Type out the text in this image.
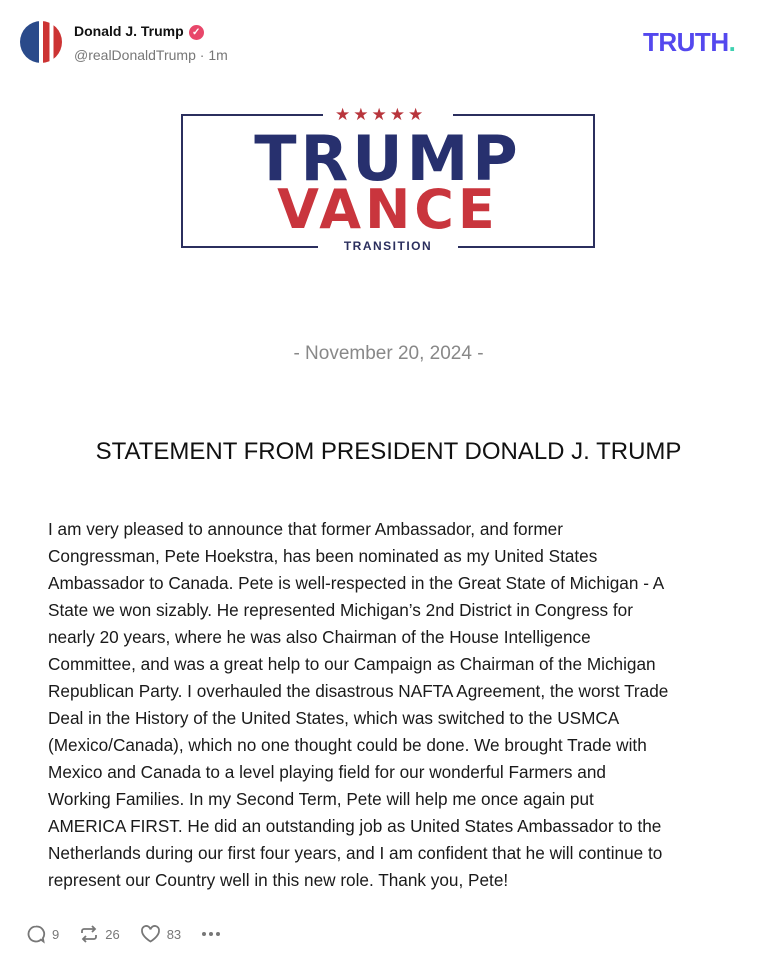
Donald J. Trump ✓
@realDonaldTrump · 1m	TRUTH.
★★★★★
TRUMP
VANCE
TRANSITION
- November 20, 2024 -
STATEMENT FROM PRESIDENT DONALD J. TRUMP
I am very pleased to announce that former Ambassador, and former
Congressman, Pete Hoekstra, has been nominated as my United States
Ambassador to Canada. Pete is well-respected in the Great State of Michigan - A
State we won sizably. He represented Michigan’s 2nd District in Congress for
nearly 20 years, where he was also Chairman of the House Intelligence
Committee, and was a great help to our Campaign as Chairman of the Michigan
Republican Party. I overhauled the disastrous NAFTA Agreement, the worst Trade
Deal in the History of the United States, which was switched to the USMCA
(Mexico/Canada), which no one thought could be done. We brought Trade with
Mexico and Canada to a level playing field for our wonderful Farmers and
Working Families. In my Second Term, Pete will help me once again put
AMERICA FIRST. He did an outstanding job as United States Ambassador to the
Netherlands during our first four years, and I am confident that he will continue to
represent our Country well in this new role. Thank you, Pete!
9	26	83
